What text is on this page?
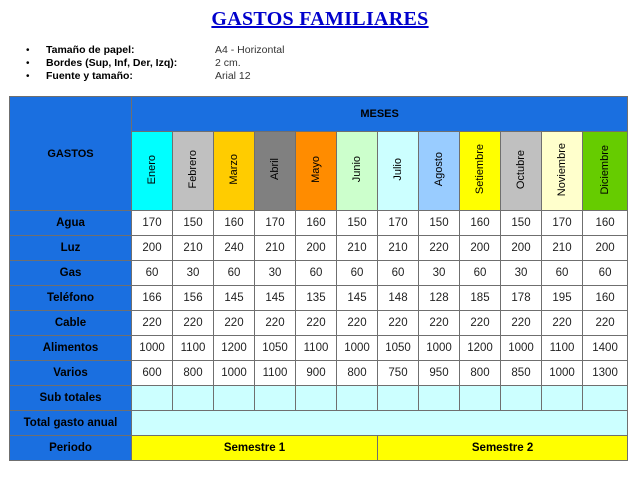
GASTOS FAMILIARES
• Tamaño de papel:	A4 - Horizontal
• Bordes (Sup, Inf, Der, Izq):	2 cm.
• Fuente y tamaño:	Arial 12
GASTOS	MESES											
	Enero	Febrero	Marzo	Abril	Mayo	Junio	Julio	Agosto	Setiembre	Octubre	Noviembre	Diciembre
Agua	170	150	160	170	160	150	170	150	160	150	170	160
Luz	200	210	240	210	200	210	210	220	200	200	210	200
Gas	60	30	60	30	60	60	60	30	60	30	60	60
Teléfono	166	156	145	145	135	145	148	128	185	178	195	160
Cable	220	220	220	220	220	220	220	220	220	220	220	220
Alimentos	1000	1100	1200	1050	1100	1000	1050	1000	1200	1000	1100	1400
Varios	600	800	1000	1100	900	800	750	950	800	850	1000	1300
Sub totales												
Total gasto anual												
Periodo	Semestre 1						Semestre 2					
